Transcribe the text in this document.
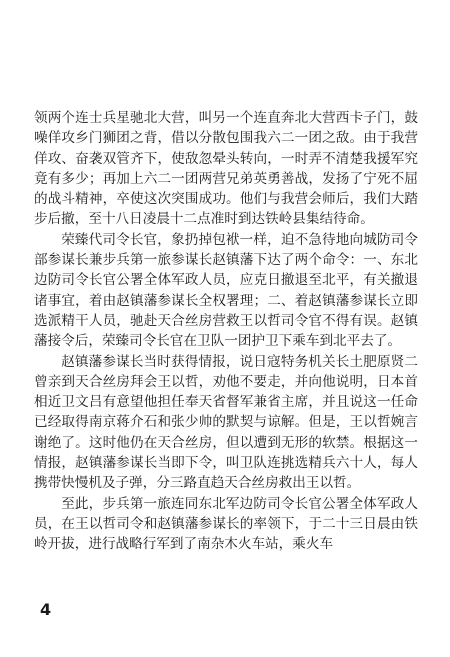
领两个连士兵星驰北大营，叫另一个连直奔北大营西卡子门，鼓噪佯攻乡门狮团之背，借以分散包围我六二一团之敌。由于我营佯攻、奋袭双管齐下，使敌忽晕头转向，一时弄不清楚我援军究竟有多少；再加上六二一团两营兄弟英勇善战，发扬了宁死不屈的战斗精神，卒使这次突围成功。他们与我营会师后，我们大踏步后撤，至十八日凌晨十二点准时到达铁岭县集结待命。

荣臻代司令长官，象扔掉包袱一样，迫不急待地向城防司令部参谋长兼步兵第一旅参谋长赵镇藩下达了两个命令：一、东北边防司令长官公署全体军政人员，应克日撤退至北平，有关撤退诸事宜，着由赵镇藩参谋长全权署理；二、着赵镇藩参谋长立即选派精干人员，驰赴天合丝房营救王以哲司令官不得有误。赵镇藩接令后，荣臻司令长官在卫队一团护卫下乘车到北平去了。

赵镇藩参谋长当时获得情报，说日寇特务机关长土肥原贤二曾亲到天合丝房拜会王以哲，劝他不要走，并向他说明，日本首相近卫文吕有意望他担任奉天省督军兼省主席，并且说这一任命已经取得南京蒋介石和张少帅的默契与谅解。但是，王以哲婉言谢绝了。这时他仍在天合丝房，但以遭到无形的软禁。根据这一情报，赵镇藩参谋长当即下令，叫卫队连挑选精兵六十人，每人携带快慢机及子弹，分三路直趋天合丝房救出王以哲。

至此，步兵第一旅连同东北军边防司令长官公署全体军政人员，在王以哲司令和赵镇藩参谋长的率领下，于二十三日晨由铁岭开拔，进行战略行军到了南杂木火车站，乘火车

4
